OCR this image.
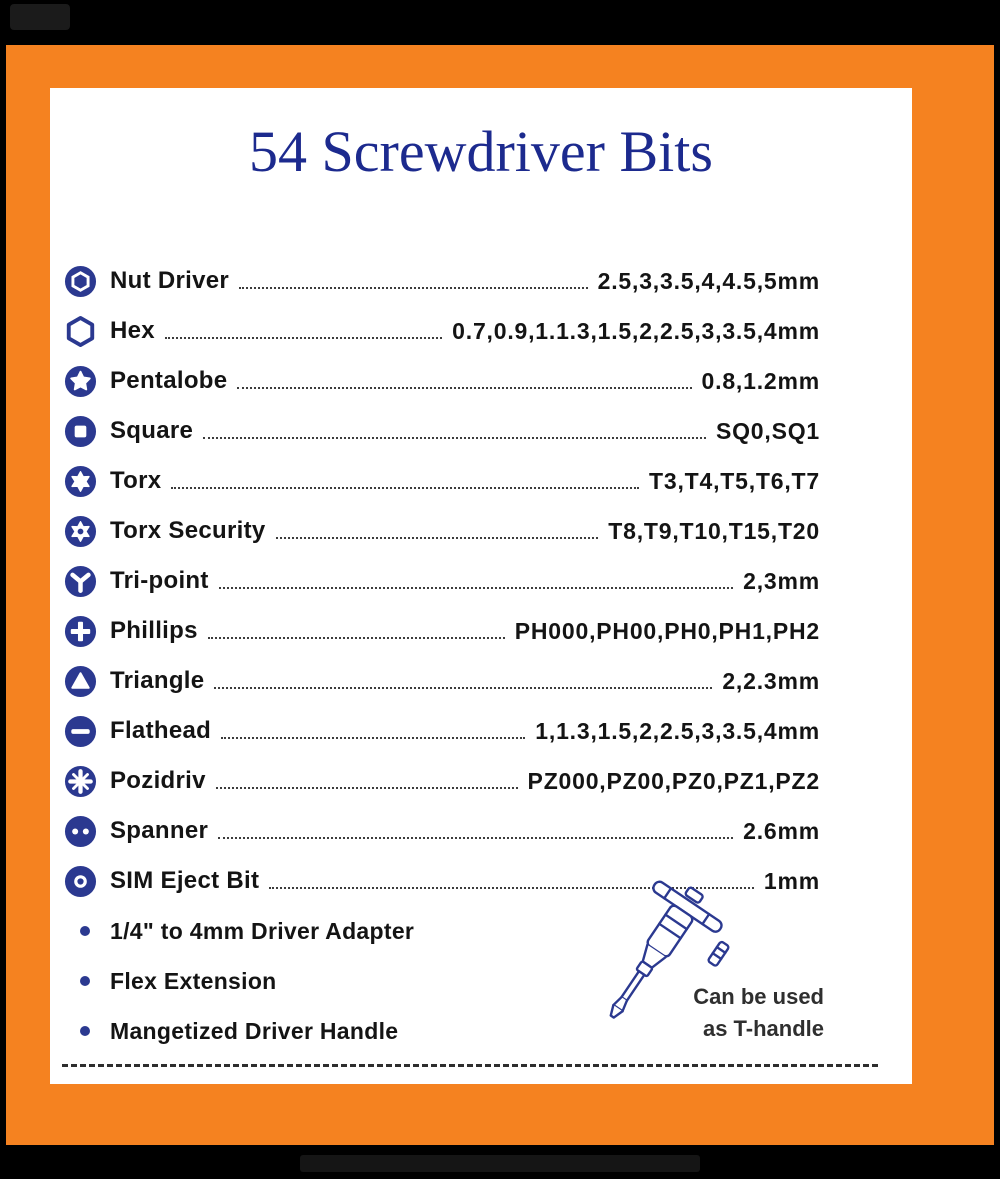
54 Screwdriver Bits
Nut Driver	2.5,3,3.5,4,4.5,5mm
Hex	0.7,0.9,1.1.3,1.5,2,2.5,3,3.5,4mm
Pentalobe	0.8,1.2mm
Square	SQ0,SQ1
Torx	T3,T4,T5,T6,T7
Torx Security	T8,T9,T10,T15,T20
Tri-point	2,3mm
Phillips	PH000,PH00,PH0,PH1,PH2
Triangle	2,2.3mm
Flathead	1,1.3,1.5,2,2.5,3,3.5,4mm
Pozidriv	PZ000,PZ00,PZ0,PZ1,PZ2
Spanner	2.6mm
SIM Eject Bit	1mm
1/4" to 4mm Driver Adapter
Flex Extension
Mangetized Driver Handle
Can be used
as T-handle
